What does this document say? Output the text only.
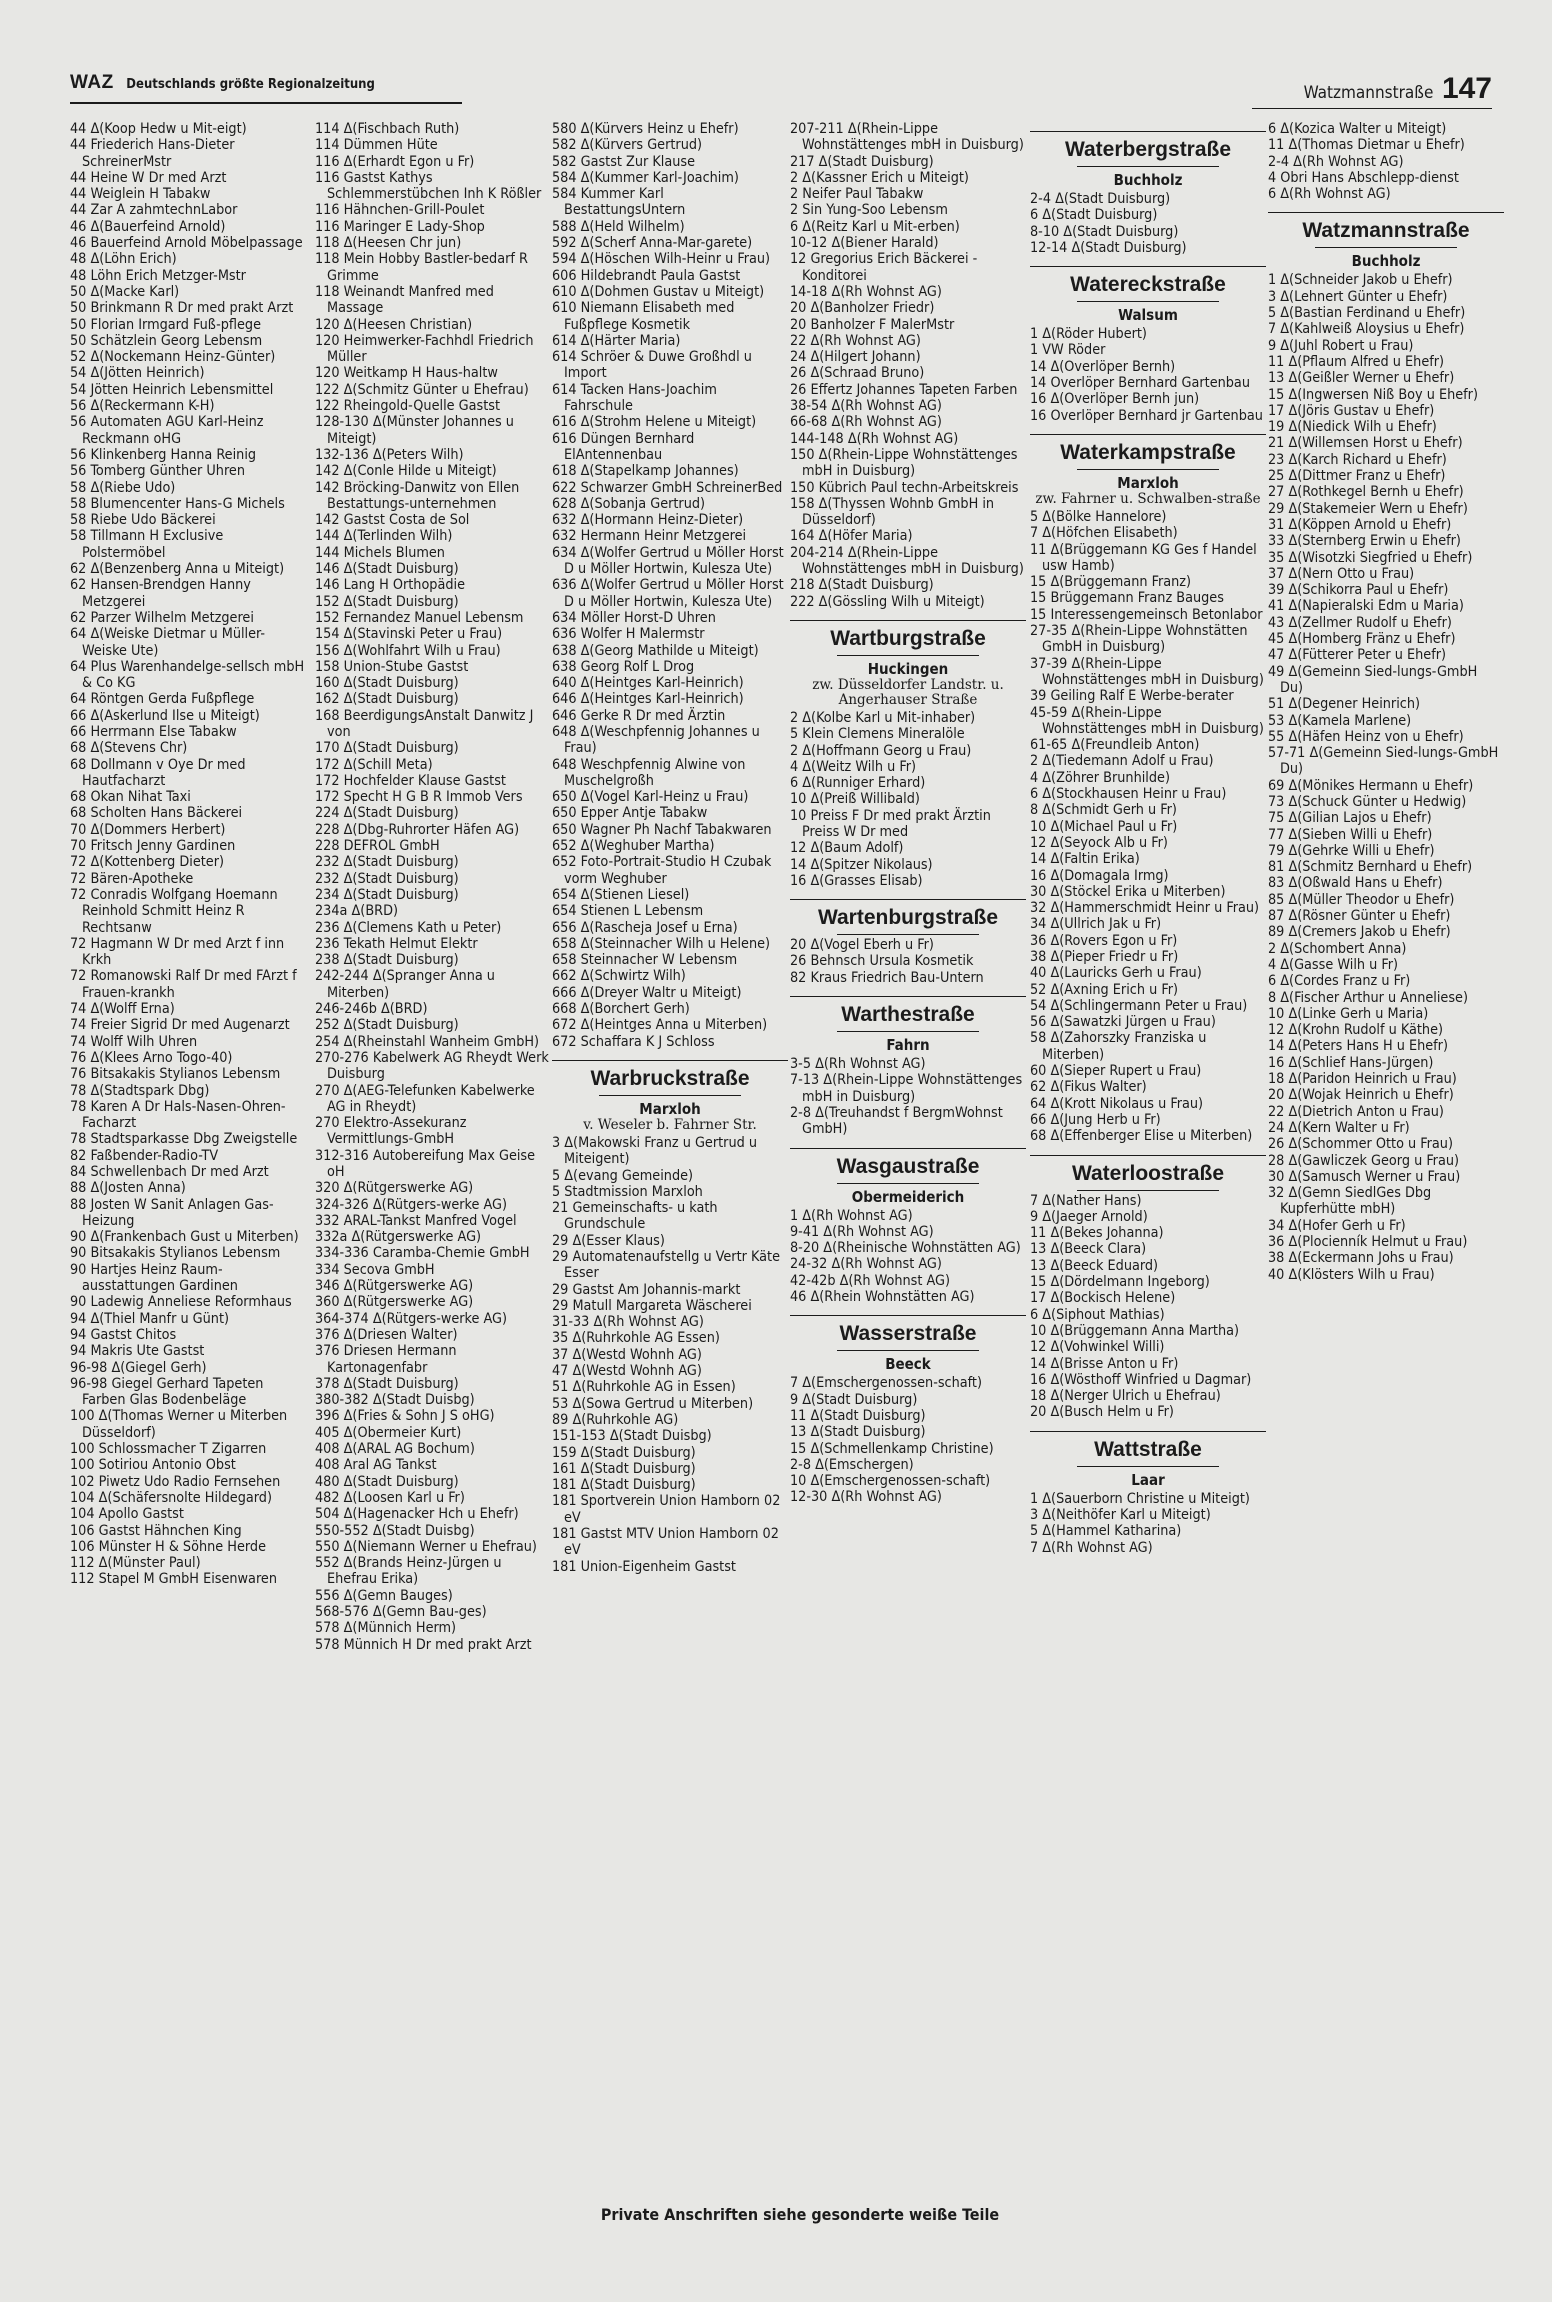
WAZ Deutschlands größte Regionalzeitung	Watzmannstraße 147

44 Δ(Koop Hedw u Mit-eigt)

44 Friederich Hans-Dieter SchreinerMstr

44 Heine W Dr med Arzt

44 Weiglein H Tabakw

44 Zar A zahmtechnLabor

46 Δ(Bauerfeind Arnold)

46 Bauerfeind Arnold Möbelpassage

48 Δ(Löhn Erich)

48 Löhn Erich Metzger-Mstr

50 Δ(Macke Karl)

50 Brinkmann R Dr med prakt Arzt

50 Florian Irmgard Fuß-pflege

50 Schätzlein Georg Lebensm

52 Δ(Nockemann Heinz-Günter)

54 Δ(Jötten Heinrich)

54 Jötten Heinrich Lebensmittel

56 Δ(Reckermann K-H)

56 Automaten AGU Karl-Heinz Reckmann oHG

56 Klinkenberg Hanna Reinig

56 Tomberg Günther Uhren

58 Δ(Riebe Udo)

58 Blumencenter Hans-G Michels

58 Riebe Udo Bäckerei

58 Tillmann H Exclusive Polstermöbel

62 Δ(Benzenberg Anna u Miteigt)

62 Hansen-Brendgen Hanny Metzgerei

62 Parzer Wilhelm Metzgerei

64 Δ(Weiske Dietmar u Müller-Weiske Ute)

64 Plus Warenhandelge-sellsch mbH & Co KG

64 Röntgen Gerda Fußpflege

66 Δ(Askerlund Ilse u Miteigt)

66 Herrmann Else Tabakw

68 Δ(Stevens Chr)

68 Dollmann v Oye Dr med Hautfacharzt

68 Okan Nihat Taxi

68 Scholten Hans Bäckerei

70 Δ(Dommers Herbert)

70 Fritsch Jenny Gardinen

72 Δ(Kottenberg Dieter)

72 Bären-Apotheke

72 Conradis Wolfgang Hoemann Reinhold Schmitt Heinz R Rechtsanw

72 Hagmann W Dr med Arzt f inn Krkh

72 Romanowski Ralf Dr med FArzt f Frauen-krankh

74 Δ(Wolff Erna)

74 Freier Sigrid Dr med Augenarzt

74 Wolff Wilh Uhren

76 Δ(Klees Arno Togo-40)

76 Bitsakakis Stylianos Lebensm

78 Δ(Stadtspark Dbg)

78 Karen A Dr Hals-Nasen-Ohren-Facharzt

78 Stadtsparkasse Dbg Zweigstelle

82 Faßbender-Radio-TV

84 Schwellenbach Dr med Arzt

88 Δ(Josten Anna)

88 Josten W Sanit Anlagen Gas-Heizung

90 Δ(Frankenbach Gust u Miterben)

90 Bitsakakis Stylianos Lebensm

90 Hartjes Heinz Raum-ausstattungen Gardinen

90 Ladewig Anneliese Reformhaus

94 Δ(Thiel Manfr u Günt)

94 Gastst Chitos

94 Makris Ute Gastst

96-98 Δ(Giegel Gerh)

96-98 Giegel Gerhard Tapeten Farben Glas Bodenbeläge

100 Δ(Thomas Werner u Miterben Düsseldorf)

100 Schlossmacher T Zigarren

100 Sotiriou Antonio Obst

102 Piwetz Udo Radio Fernsehen

104 Δ(Schäfersnolte Hildegard)

104 Apollo Gastst

106 Gastst Hähnchen King

106 Münster H & Söhne Herde

112 Δ(Münster Paul)

112 Stapel M GmbH Eisenwaren

114 Δ(Fischbach Ruth)

114 Dümmen Hüte

116 Δ(Erhardt Egon u Fr)

116 Gastst Kathys Schlemmerstübchen Inh K Rößler

116 Hähnchen-Grill-Poulet

116 Maringer E Lady-Shop

118 Δ(Heesen Chr jun)

118 Mein Hobby Bastler-bedarf R Grimme

118 Weinandt Manfred med Massage

120 Δ(Heesen Christian)

120 Heimwerker-Fachhdl Friedrich Müller

120 Weitkamp H Haus-haltw

122 Δ(Schmitz Günter u Ehefrau)

122 Rheingold-Quelle Gastst

128-130 Δ(Münster Johannes u Miteigt)

132-136 Δ(Peters Wilh)

142 Δ(Conle Hilde u Miteigt)

142 Bröcking-Danwitz von Ellen Bestattungs-unternehmen

142 Gastst Costa de Sol

144 Δ(Terlinden Wilh)

144 Michels Blumen

146 Δ(Stadt Duisburg)

146 Lang H Orthopädie

152 Δ(Stadt Duisburg)

152 Fernandez Manuel Lebensm

154 Δ(Stavinski Peter u Frau)

156 Δ(Wohlfahrt Wilh u Frau)

158 Union-Stube Gastst

160 Δ(Stadt Duisburg)

162 Δ(Stadt Duisburg)

168 BeerdigungsAnstalt Danwitz J von

170 Δ(Stadt Duisburg)

172 Δ(Schill Meta)

172 Hochfelder Klause Gastst

172 Specht H G B R Immob Vers

224 Δ(Stadt Duisburg)

228 Δ(Dbg-Ruhrorter Häfen AG)

228 DEFROL GmbH

232 Δ(Stadt Duisburg)

232 Δ(Stadt Duisburg)

234 Δ(Stadt Duisburg)

234a Δ(BRD)

236 Δ(Clemens Kath u Peter)

236 Tekath Helmut Elektr

238 Δ(Stadt Duisburg)

242-244 Δ(Spranger Anna u Miterben)

246-246b Δ(BRD)

252 Δ(Stadt Duisburg)

254 Δ(Rheinstahl Wanheim GmbH)

270-276 Kabelwerk AG Rheydt Werk Duisburg

270 Δ(AEG-Telefunken Kabelwerke AG in Rheydt)

270 Elektro-Assekuranz Vermittlungs-GmbH

312-316 Autobereifung Max Geise oH

320 Δ(Rütgerswerke AG)

324-326 Δ(Rütgers-werke AG)

332 ARAL-Tankst Manfred Vogel

332a Δ(Rütgerswerke AG)

334-336 Caramba-Chemie GmbH

334 Secova GmbH

346 Δ(Rütgerswerke AG)

360 Δ(Rütgerswerke AG)

364-374 Δ(Rütgers-werke AG)

376 Δ(Driesen Walter)

376 Driesen Hermann Kartonagenfabr

378 Δ(Stadt Duisburg)

380-382 Δ(Stadt Duisbg)

396 Δ(Fries & Sohn J S oHG)

405 Δ(Obermeier Kurt)

408 Δ(ARAL AG Bochum)

408 Aral AG Tankst

480 Δ(Stadt Duisburg)

482 Δ(Loosen Karl u Fr)

504 Δ(Hagenacker Hch u Ehefr)

550-552 Δ(Stadt Duisbg)

550 Δ(Niemann Werner u Ehefrau)

552 Δ(Brands Heinz-Jürgen u Ehefrau Erika)

556 Δ(Gemn Bauges)

568-576 Δ(Gemn Bau-ges)

578 Δ(Münnich Herm)

578 Münnich H Dr med prakt Arzt

580 Δ(Kürvers Heinz u Ehefr)

582 Δ(Kürvers Gertrud)

582 Gastst Zur Klause

584 Δ(Kummer Karl-Joachim)

584 Kummer Karl BestattungsUntern

588 Δ(Held Wilhelm)

592 Δ(Scherf Anna-Mar-garete)

594 Δ(Höschen Wilh-Heinr u Frau)

606 Hildebrandt Paula Gastst

610 Δ(Dohmen Gustav u Miteigt)

610 Niemann Elisabeth med Fußpflege Kosmetik

614 Δ(Härter Maria)

614 Schröer & Duwe Großhdl u Import

614 Tacken Hans-Joachim Fahrschule

616 Δ(Strohm Helene u Miteigt)

616 Düngen Bernhard ElAntennenbau

618 Δ(Stapelkamp Johannes)

622 Schwarzer GmbH SchreinerBed

628 Δ(Sobanja Gertrud)

632 Δ(Hormann Heinz-Dieter)

632 Hermann Heinr Metzgerei

634 Δ(Wolfer Gertrud u Möller Horst D u Möller Hortwin, Kulesza Ute)

636 Δ(Wolfer Gertrud u Möller Horst D u Möller Hortwin, Kulesza Ute)

634 Möller Horst-D Uhren

636 Wolfer H Malermstr

638 Δ(Georg Mathilde u Miteigt)

638 Georg Rolf L Drog

640 Δ(Heintges Karl-Heinrich)

646 Δ(Heintges Karl-Heinrich)

646 Gerke R Dr med Ärztin

648 Δ(Weschpfennig Johannes u Frau)

648 Weschpfennig Alwine von Muschelgroßh

650 Δ(Vogel Karl-Heinz u Frau)

650 Epper Antje Tabakw

650 Wagner Ph Nachf Tabakwaren

652 Δ(Weghuber Martha)

652 Foto-Portrait-Studio H Czubak vorm Weghuber

654 Δ(Stienen Liesel)

654 Stienen L Lebensm

656 Δ(Rascheja Josef u Erna)

658 Δ(Steinnacher Wilh u Helene)

658 Steinnacher W Lebensm

662 Δ(Schwirtz Wilh)

666 Δ(Dreyer Waltr u Miteigt)

668 Δ(Borchert Gerh)

672 Δ(Heintges Anna u Miterben)

672 Schaffara K J Schloss

Warbruckstraße
Marxloh
v. Weseler b. Fahrner Str.

3 Δ(Makowski Franz u Gertrud u Miteigent)

5 Δ(evang Gemeinde)

5 Stadtmission Marxloh

21 Gemeinschafts- u kath Grundschule

29 Δ(Esser Klaus)

29 Automatenaufstellg u Vertr Käte Esser

29 Gastst Am Johannis-markt

29 Matull Margareta Wäscherei

31-33 Δ(Rh Wohnst AG)

35 Δ(Ruhrkohle AG Essen)

37 Δ(Westd Wohnh AG)

47 Δ(Westd Wohnh AG)

51 Δ(Ruhrkohle AG in Essen)

53 Δ(Sowa Gertrud u Miterben)

89 Δ(Ruhrkohle AG)

151-153 Δ(Stadt Duisbg)

159 Δ(Stadt Duisburg)

161 Δ(Stadt Duisburg)

181 Δ(Stadt Duisburg)

181 Sportverein Union Hamborn 02 eV

181 Gastst MTV Union Hamborn 02 eV

181 Union-Eigenheim Gastst

207-211 Δ(Rhein-Lippe Wohnstättenges mbH in Duisburg)

217 Δ(Stadt Duisburg)

2 Δ(Kassner Erich u Miteigt)

2 Neifer Paul Tabakw

2 Sin Yung-Soo Lebensm

6 Δ(Reitz Karl u Mit-erben)

10-12 Δ(Biener Harald)

12 Gregorius Erich Bäckerei - Konditorei

14-18 Δ(Rh Wohnst AG)

20 Δ(Banholzer Friedr)

20 Banholzer F MalerMstr

22 Δ(Rh Wohnst AG)

24 Δ(Hilgert Johann)

26 Δ(Schraad Bruno)

26 Effertz Johannes Tapeten Farben

38-54 Δ(Rh Wohnst AG)

66-68 Δ(Rh Wohnst AG)

144-148 Δ(Rh Wohnst AG)

150 Δ(Rhein-Lippe Wohnstättenges mbH in Duisburg)

150 Kübrich Paul techn-Arbeitskreis

158 Δ(Thyssen Wohnb GmbH in Düsseldorf)

164 Δ(Höfer Maria)

204-214 Δ(Rhein-Lippe Wohnstättenges mbH in Duisburg)

218 Δ(Stadt Duisburg)

222 Δ(Gössling Wilh u Miteigt)

Wartburgstraße
Huckingen
zw. Düsseldorfer Landstr. u. Angerhauser Straße

2 Δ(Kolbe Karl u Mit-inhaber)

5 Klein Clemens Mineralöle

2 Δ(Hoffmann Georg u Frau)

4 Δ(Weitz Wilh u Fr)

6 Δ(Runniger Erhard)

10 Δ(Preiß Willibald)

10 Preiss F Dr med prakt Ärztin Preiss W Dr med

12 Δ(Baum Adolf)

14 Δ(Spitzer Nikolaus)

16 Δ(Grasses Elisab)

Wartenburgstraße

20 Δ(Vogel Eberh u Fr)

26 Behnsch Ursula Kosmetik

82 Kraus Friedrich Bau-Untern

Warthestraße
Fahrn

3-5 Δ(Rh Wohnst AG)

7-13 Δ(Rhein-Lippe Wohnstättenges mbH in Duisburg)

2-8 Δ(Treuhandst f BergmWohnst GmbH)

Wasgaustraße
Obermeiderich

1 Δ(Rh Wohnst AG)

9-41 Δ(Rh Wohnst AG)

8-20 Δ(Rheinische Wohnstätten AG)

24-32 Δ(Rh Wohnst AG)

42-42b Δ(Rh Wohnst AG)

46 Δ(Rhein Wohnstätten AG)

Wasserstraße
Beeck

7 Δ(Emschergenossen-schaft)

9 Δ(Stadt Duisburg)

11 Δ(Stadt Duisburg)

13 Δ(Stadt Duisburg)

15 Δ(Schmellenkamp Christine)

2-8 Δ(Emschergen)

10 Δ(Emschergenossen-schaft)

12-30 Δ(Rh Wohnst AG)

Waterbergstraße
Buchholz

2-4 Δ(Stadt Duisburg)

6 Δ(Stadt Duisburg)

8-10 Δ(Stadt Duisburg)

12-14 Δ(Stadt Duisburg)

Watereckstraße
Walsum

1 Δ(Röder Hubert)

1 VW Röder

14 Δ(Overlöper Bernh)

14 Overlöper Bernhard Gartenbau

16 Δ(Overlöper Bernh jun)

16 Overlöper Bernhard jr Gartenbau

Waterkampstraße
Marxloh
zw. Fahrner u. Schwalben-straße

5 Δ(Bölke Hannelore)

7 Δ(Höfchen Elisabeth)

11 Δ(Brüggemann KG Ges f Handel usw Hamb)

15 Δ(Brüggemann Franz)

15 Brüggemann Franz Bauges

15 Interessengemeinsch Betonlabor

27-35 Δ(Rhein-Lippe Wohnstätten GmbH in Duisburg)

37-39 Δ(Rhein-Lippe Wohnstättenges mbH in Duisburg)

39 Geiling Ralf E Werbe-berater

45-59 Δ(Rhein-Lippe Wohnstättenges mbH in Duisburg)

61-65 Δ(Freundleib Anton)

2 Δ(Tiedemann Adolf u Frau)

4 Δ(Zöhrer Brunhilde)

6 Δ(Stockhausen Heinr u Frau)

8 Δ(Schmidt Gerh u Fr)

10 Δ(Michael Paul u Fr)

12 Δ(Seyock Alb u Fr)

14 Δ(Faltin Erika)

16 Δ(Domagala Irmg)

30 Δ(Stöckel Erika u Miterben)

32 Δ(Hammerschmidt Heinr u Frau)

34 Δ(Ullrich Jak u Fr)

36 Δ(Rovers Egon u Fr)

38 Δ(Pieper Friedr u Fr)

40 Δ(Lauricks Gerh u Frau)

52 Δ(Axning Erich u Fr)

54 Δ(Schlingermann Peter u Frau)

56 Δ(Sawatzki Jürgen u Frau)

58 Δ(Zahorszky Franziska u Miterben)

60 Δ(Sieper Rupert u Frau)

62 Δ(Fikus Walter)

64 Δ(Krott Nikolaus u Frau)

66 Δ(Jung Herb u Fr)

68 Δ(Effenberger Elise u Miterben)

Waterloostraße

7 Δ(Nather Hans)

9 Δ(Jaeger Arnold)

11 Δ(Bekes Johanna)

13 Δ(Beeck Clara)

13 Δ(Beeck Eduard)

15 Δ(Dördelmann Ingeborg)

17 Δ(Bockisch Helene)

6 Δ(Siphout Mathias)

10 Δ(Brüggemann Anna Martha)

12 Δ(Vohwinkel Willi)

14 Δ(Brisse Anton u Fr)

16 Δ(Wösthoff Winfried u Dagmar)

18 Δ(Nerger Ulrich u Ehefrau)

20 Δ(Busch Helm u Fr)

Wattstraße
Laar

1 Δ(Sauerborn Christine u Miteigt)

3 Δ(Neithöfer Karl u Miteigt)

5 Δ(Hammel Katharina)

7 Δ(Rh Wohnst AG)

6 Δ(Kozica Walter u Miteigt)

11 Δ(Thomas Dietmar u Ehefr)

2-4 Δ(Rh Wohnst AG)

4 Obri Hans Abschlepp-dienst

6 Δ(Rh Wohnst AG)

Watzmannstraße
Buchholz

1 Δ(Schneider Jakob u Ehefr)

3 Δ(Lehnert Günter u Ehefr)

5 Δ(Bastian Ferdinand u Ehefr)

7 Δ(Kahlweiß Aloysius u Ehefr)

9 Δ(Juhl Robert u Frau)

11 Δ(Pflaum Alfred u Ehefr)

13 Δ(Geißler Werner u Ehefr)

15 Δ(Ingwersen Niß Boy u Ehefr)

17 Δ(Jöris Gustav u Ehefr)

19 Δ(Niedick Wilh u Ehefr)

21 Δ(Willemsen Horst u Ehefr)

23 Δ(Karch Richard u Ehefr)

25 Δ(Dittmer Franz u Ehefr)

27 Δ(Rothkegel Bernh u Ehefr)

29 Δ(Stakemeier Wern u Ehefr)

31 Δ(Köppen Arnold u Ehefr)

33 Δ(Sternberg Erwin u Ehefr)

35 Δ(Wisotzki Siegfried u Ehefr)

37 Δ(Nern Otto u Frau)

39 Δ(Schikorra Paul u Ehefr)

41 Δ(Napieralski Edm u Maria)

43 Δ(Zellmer Rudolf u Ehefr)

45 Δ(Homberg Fränz u Ehefr)

47 Δ(Fütterer Peter u Ehefr)

49 Δ(Gemeinn Sied-lungs-GmbH Du)

51 Δ(Degener Heinrich)

53 Δ(Kamela Marlene)

55 Δ(Häfen Heinz von u Ehefr)

57-71 Δ(Gemeinn Sied-lungs-GmbH Du)

69 Δ(Mönikes Hermann u Ehefr)

73 Δ(Schuck Günter u Hedwig)

75 Δ(Gilian Lajos u Ehefr)

77 Δ(Sieben Willi u Ehefr)

79 Δ(Gehrke Willi u Ehefr)

81 Δ(Schmitz Bernhard u Ehefr)

83 Δ(Oßwald Hans u Ehefr)

85 Δ(Müller Theodor u Ehefr)

87 Δ(Rösner Günter u Ehefr)

89 Δ(Cremers Jakob u Ehefr)

2 Δ(Schombert Anna)

4 Δ(Gasse Wilh u Fr)

6 Δ(Cordes Franz u Fr)

8 Δ(Fischer Arthur u Anneliese)

10 Δ(Linke Gerh u Maria)

12 Δ(Krohn Rudolf u Käthe)

14 Δ(Peters Hans H u Ehefr)

16 Δ(Schlief Hans-Jürgen)

18 Δ(Paridon Heinrich u Frau)

20 Δ(Wojak Heinrich u Ehefr)

22 Δ(Dietrich Anton u Frau)

24 Δ(Kern Walter u Fr)

26 Δ(Schommer Otto u Frau)

28 Δ(Gawliczek Georg u Frau)

30 Δ(Samusch Werner u Frau)

32 Δ(Gemn SiedlGes Dbg Kupferhütte mbH)

34 Δ(Hofer Gerh u Fr)

36 Δ(Plocienník Helmut u Frau)

38 Δ(Eckermann Johs u Frau)

40 Δ(Klösters Wilh u Frau)

Private Anschriften siehe gesonderte weiße Teile
